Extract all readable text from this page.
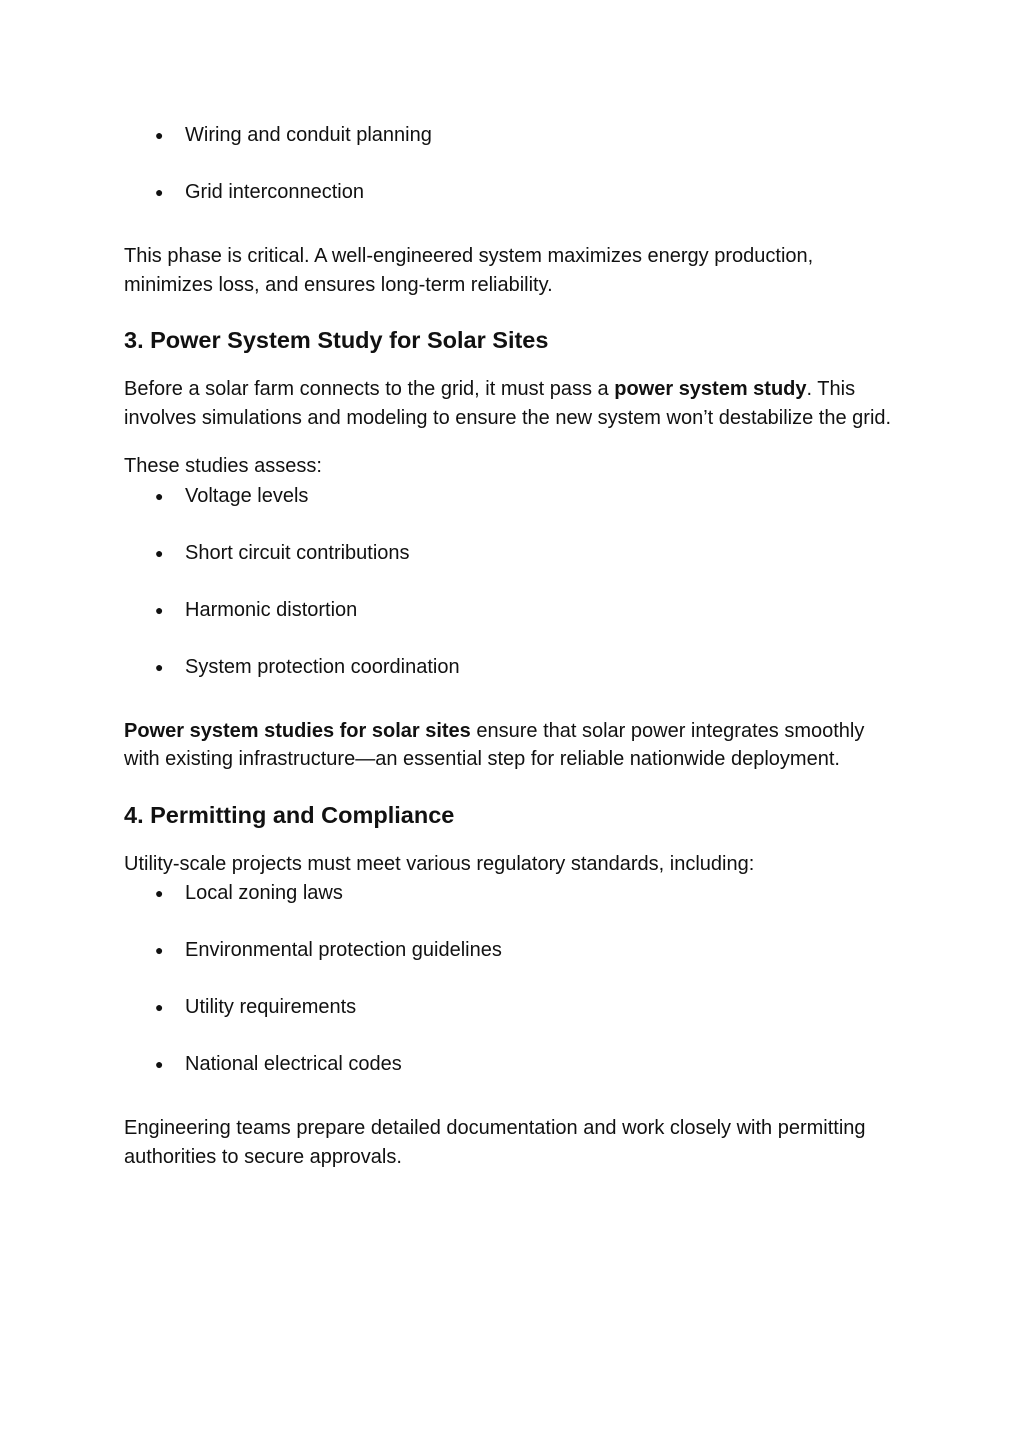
● Wiring and conduit planning
● Grid interconnection

This phase is critical. A well-engineered system maximizes energy production, minimizes loss, and ensures long-term reliability.

3. Power System Study for Solar Sites

Before a solar farm connects to the grid, it must pass a power system study. This involves simulations and modeling to ensure the new system won’t destabilize the grid.

These studies assess:

● Voltage levels
● Short circuit contributions
● Harmonic distortion
● System protection coordination

Power system studies for solar sites ensure that solar power integrates smoothly with existing infrastructure—an essential step for reliable nationwide deployment.

4. Permitting and Compliance

Utility-scale projects must meet various regulatory standards, including:

● Local zoning laws
● Environmental protection guidelines
● Utility requirements
● National electrical codes

Engineering teams prepare detailed documentation and work closely with permitting authorities to secure approvals.
